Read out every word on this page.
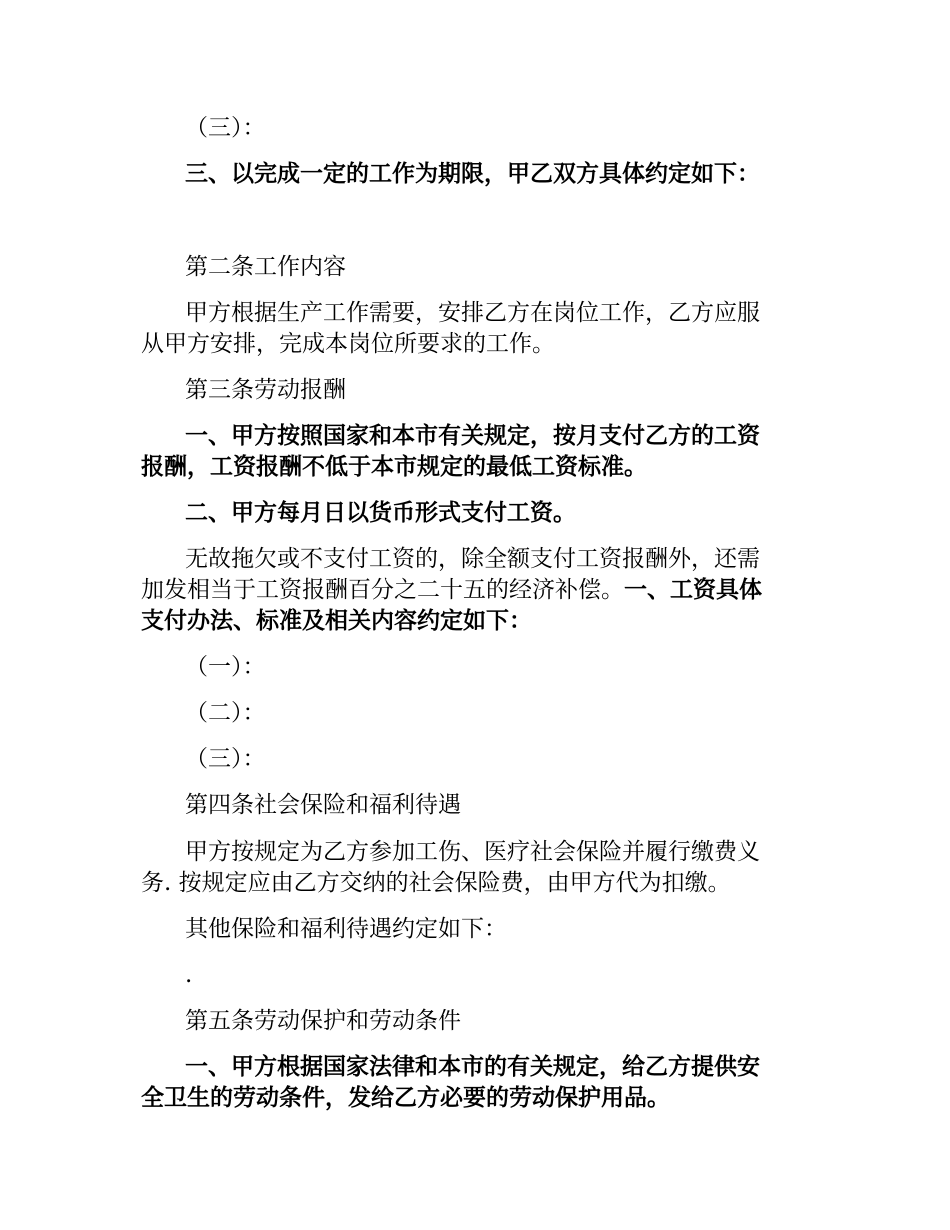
（三）：
三、以完成一定的工作为期限，甲乙双方具体约定如下：
第二条工作内容
甲方根据生产工作需要，安排乙方在岗位工作，乙方应服
从甲方安排，完成本岗位所要求的工作。
第三条劳动报酬
一、甲方按照国家和本市有关规定，按月支付乙方的工资
报酬，工资报酬不低于本市规定的最低工资标准。
二、甲方每月日以货币形式支付工资。
无故拖欠或不支付工资的，除全额支付工资报酬外，还需
加发相当于工资报酬百分之二十五的经济补偿。一、工资具体
支付办法、标准及相关内容约定如下：
（一）：
（二）：
（三）：
第四条社会保险和福利待遇
甲方按规定为乙方参加工伤、医疗社会保险并履行缴费义
务. 按规定应由乙方交纳的社会保险费，由甲方代为扣缴。
其他保险和福利待遇约定如下：
.
第五条劳动保护和劳动条件
一、甲方根据国家法律和本市的有关规定，给乙方提供安
全卫生的劳动条件，发给乙方必要的劳动保护用品。
